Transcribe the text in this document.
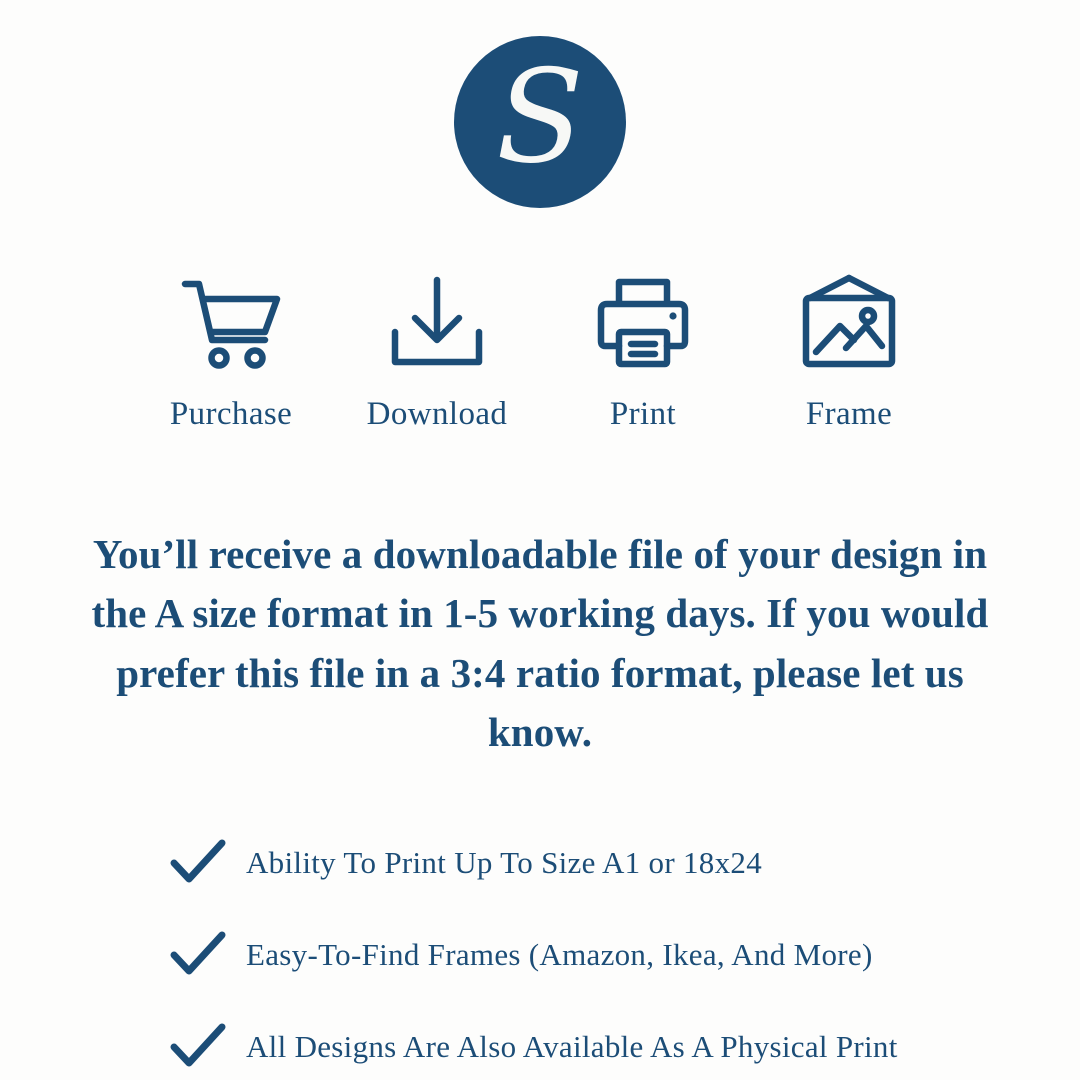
S
Purchase Download	Print	Frame
You’ll receive a downloadable file of your design in the A size format in 1-5 working days. If you would prefer this file in a 3:4 ratio format, please let us know.
Ability To Print Up To Size A1 or 18x24
Easy-To-Find Frames (Amazon, Ikea, And More)
All Designs Are Also Available As A Physical Print
